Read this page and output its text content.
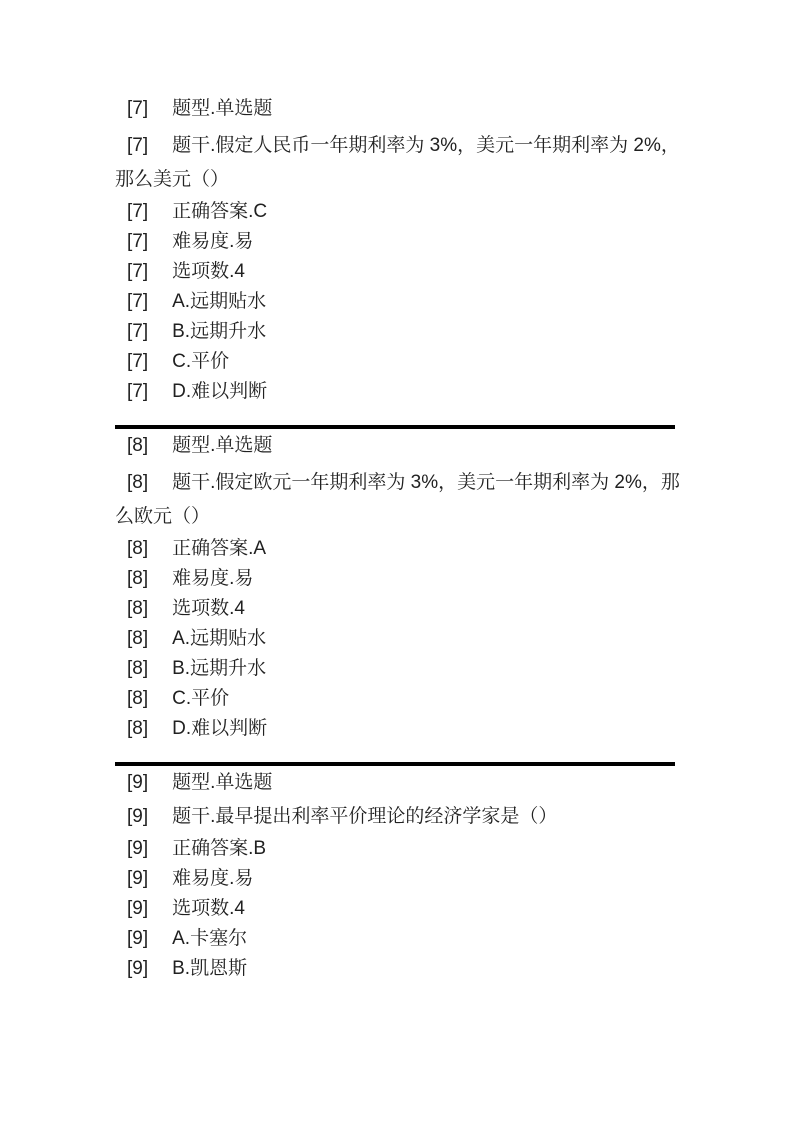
[7] 题型.单选题
[7] 题干.假定人民币一年期利率为 3%，美元一年期利率为 2%，那么美元（）
[7] 正确答案.C
[7] 难易度.易
[7] 选项数.4
[7] A.远期贴水
[7] B.远期升水
[7] C.平价
[7] D.难以判断
[8] 题型.单选题
[8] 题干.假定欧元一年期利率为 3%，美元一年期利率为 2%，那么欧元（）
[8] 正确答案.A
[8] 难易度.易
[8] 选项数.4
[8] A.远期贴水
[8] B.远期升水
[8] C.平价
[8] D.难以判断
[9] 题型.单选题
[9] 题干.最早提出利率平价理论的经济学家是（）
[9] 正确答案.B
[9] 难易度.易
[9] 选项数.4
[9] A.卡塞尔
[9] B.凯恩斯
